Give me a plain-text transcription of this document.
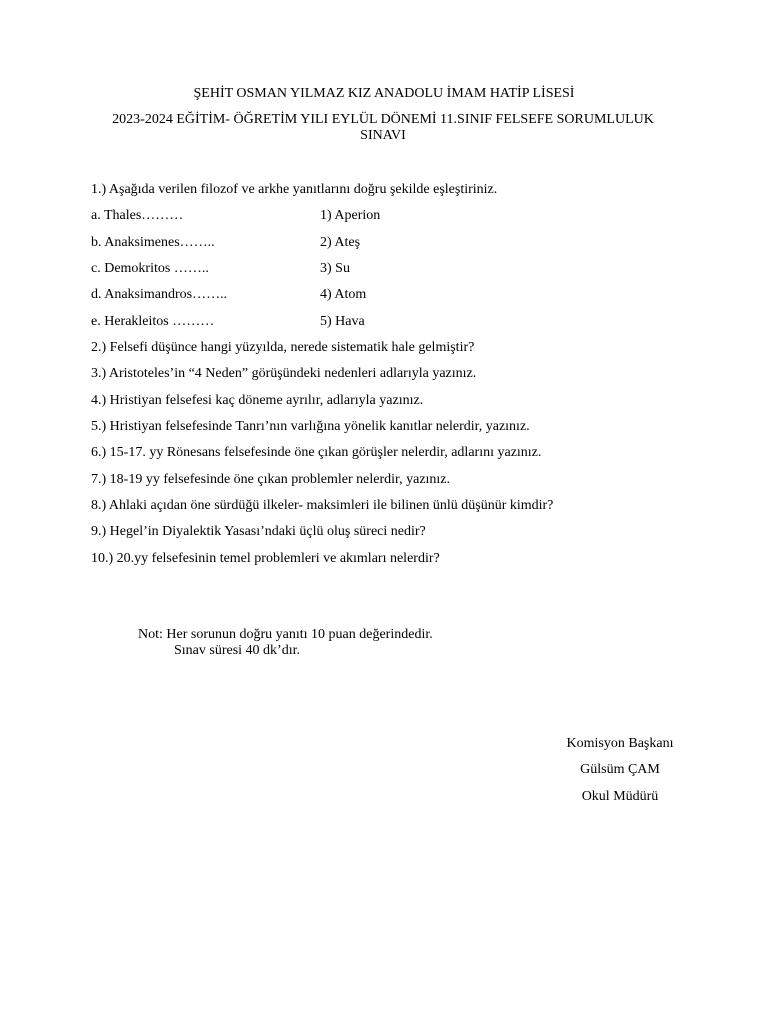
ŞEHİT OSMAN YILMAZ KIZ ANADOLU İMAM HATİP LİSESİ
2023-2024 EĞİTİM- ÖĞRETİM YILI EYLÜL DÖNEMİ 11.SINIF FELSEFE SORUMLULUK SINAVI
1.) Aşağıda verilen filozof ve arkhe yanıtlarını doğru şekilde eşleştiriniz.
a. Thales………	1) Aperion
b. Anaksimenes……..	2) Ateş
c. Demokritos ……..	3) Su
d. Anaksimandros……..	4) Atom
e. Herakleitos ………	5) Hava
2.) Felsefi düşünce hangi yüzyılda, nerede sistematik hale gelmiştir?
3.) Aristoteles’in “4 Neden” görüşündeki nedenleri adlarıyla yazınız.
4.) Hristiyan felsefesi kaç döneme ayrılır, adlarıyla yazınız.
5.) Hristiyan felsefesinde Tanrı’nın varlığına yönelik kanıtlar nelerdir, yazınız.
6.) 15-17. yy Rönesans felsefesinde öne çıkan görüşler nelerdir, adlarını yazınız.
7.) 18-19 yy felsefesinde öne çıkan problemler nelerdir, yazınız.
8.) Ahlaki açıdan öne sürdüğü ilkeler- maksimleri ile bilinen ünlü düşünür kimdir?
9.) Hegel’in Diyalektik Yasası’ndaki üçlü oluş süreci nedir?
10.) 20.yy felsefesinin temel problemleri ve akımları nelerdir?
Not: Her sorunun doğru yanıtı 10 puan değerindedir.
Sınav süresi 40 dk’dır.
Komisyon Başkanı
Gülsüm ÇAM
Okul Müdürü
